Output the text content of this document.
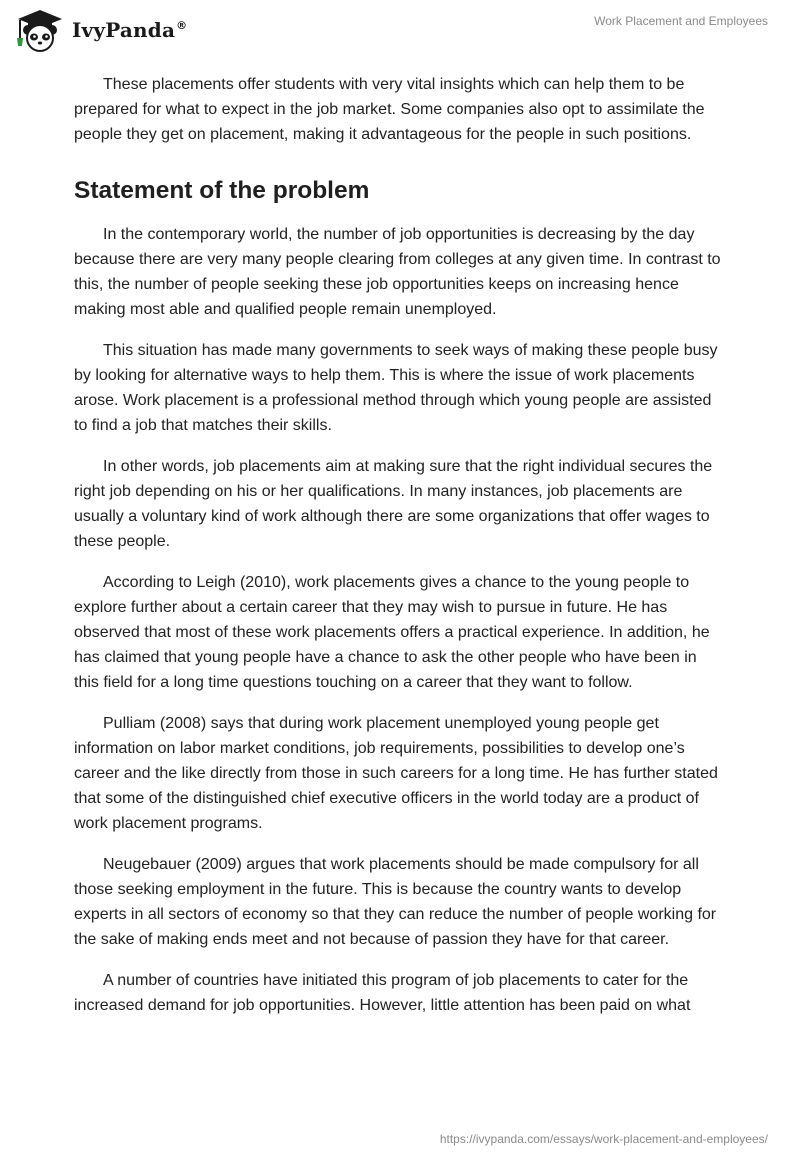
IvyPanda®	Work Placement and Employees

These placements offer students with very vital insights which can help them to be prepared for what to expect in the job market. Some companies also opt to assimilate the people they get on placement, making it advantageous for the people in such positions.

Statement of the problem

In the contemporary world, the number of job opportunities is decreasing by the day because there are very many people clearing from colleges at any given time. In contrast to this, the number of people seeking these job opportunities keeps on increasing hence making most able and qualified people remain unemployed.

This situation has made many governments to seek ways of making these people busy by looking for alternative ways to help them. This is where the issue of work placements arose. Work placement is a professional method through which young people are assisted to find a job that matches their skills.

In other words, job placements aim at making sure that the right individual secures the right job depending on his or her qualifications. In many instances, job placements are usually a voluntary kind of work although there are some organizations that offer wages to these people.

According to Leigh (2010), work placements gives a chance to the young people to explore further about a certain career that they may wish to pursue in future. He has observed that most of these work placements offers a practical experience. In addition, he has claimed that young people have a chance to ask the other people who have been in this field for a long time questions touching on a career that they want to follow.

Pulliam (2008) says that during work placement unemployed young people get information on labor market conditions, job requirements, possibilities to develop one’s career and the like directly from those in such careers for a long time. He has further stated that some of the distinguished chief executive officers in the world today are a product of work placement programs.

Neugebauer (2009) argues that work placements should be made compulsory for all those seeking employment in the future. This is because the country wants to develop experts in all sectors of economy so that they can reduce the number of people working for the sake of making ends meet and not because of passion they have for that career.

A number of countries have initiated this program of job placements to cater for the increased demand for job opportunities. However, little attention has been paid on what

https://ivypanda.com/essays/work-placement-and-employees/
